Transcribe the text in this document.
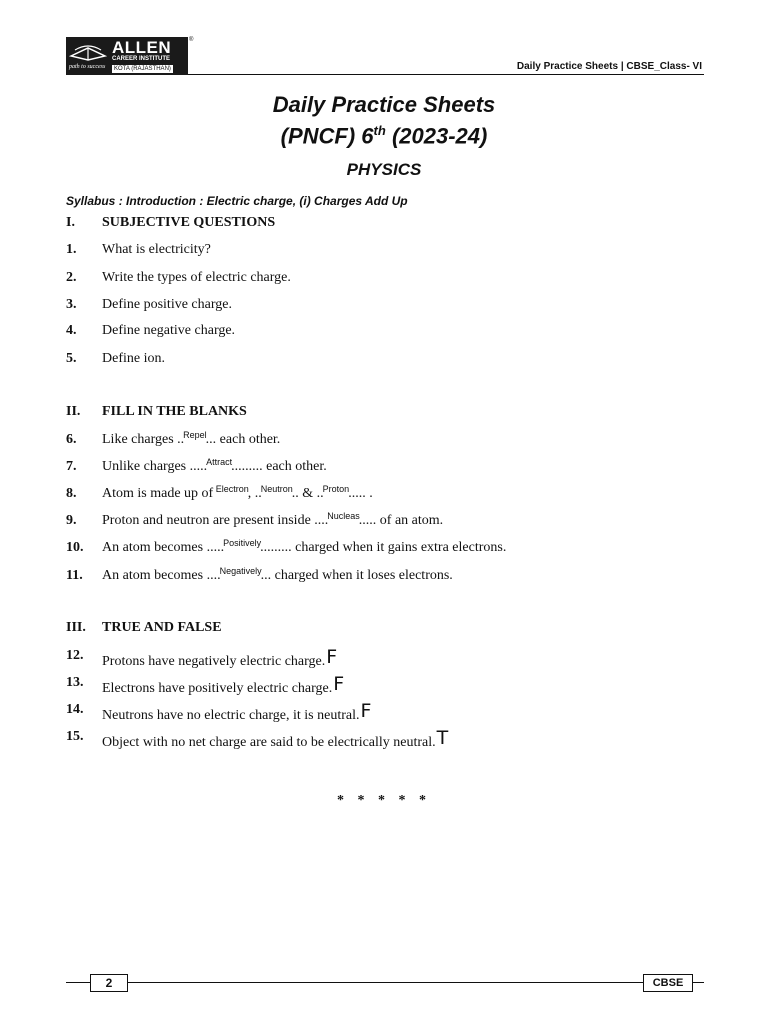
path to success
ALLEN
CAREER INSTITUTE
KOTA (RAJASTHAN)
®
Daily Practice Sheets | CBSE_Class- VI
Daily Practice Sheets
(PNCF) 6th (2023-24)
PHYSICS
Syllabus : Introduction : Electric charge, (i) Charges Add Up
I. SUBJECTIVE QUESTIONS
1. What is electricity?
2. Write the types of electric charge.
3. Define positive charge.
4. Define negative charge.
5. Define ion.
II. FILL IN THE BLANKS
6. Like charges ..$^{Repel}$... each other.
7. Unlike charges .....$^{Attract}$......... each other.
8. Atom is made up of $^{Electron}$, ..$^{Neutron}$.. & ..$^{Proton}$..... .
9. Proton and neutron are present inside ....$^{Nucleas}$..... of an atom.
10. An atom becomes .....$^{Positively}$......... charged when it gains extra electrons.
11. An atom becomes ....$^{Negatively}$... charged when it loses electrons.
III. TRUE AND FALSE
12. Protons have negatively electric charge.F
13. Electrons have positively electric charge.F
14. Neutrons have no electric charge, it is neutral.F
15. Object with no net charge are said to be electrically neutral.T
* * * * *
2	CBSE
